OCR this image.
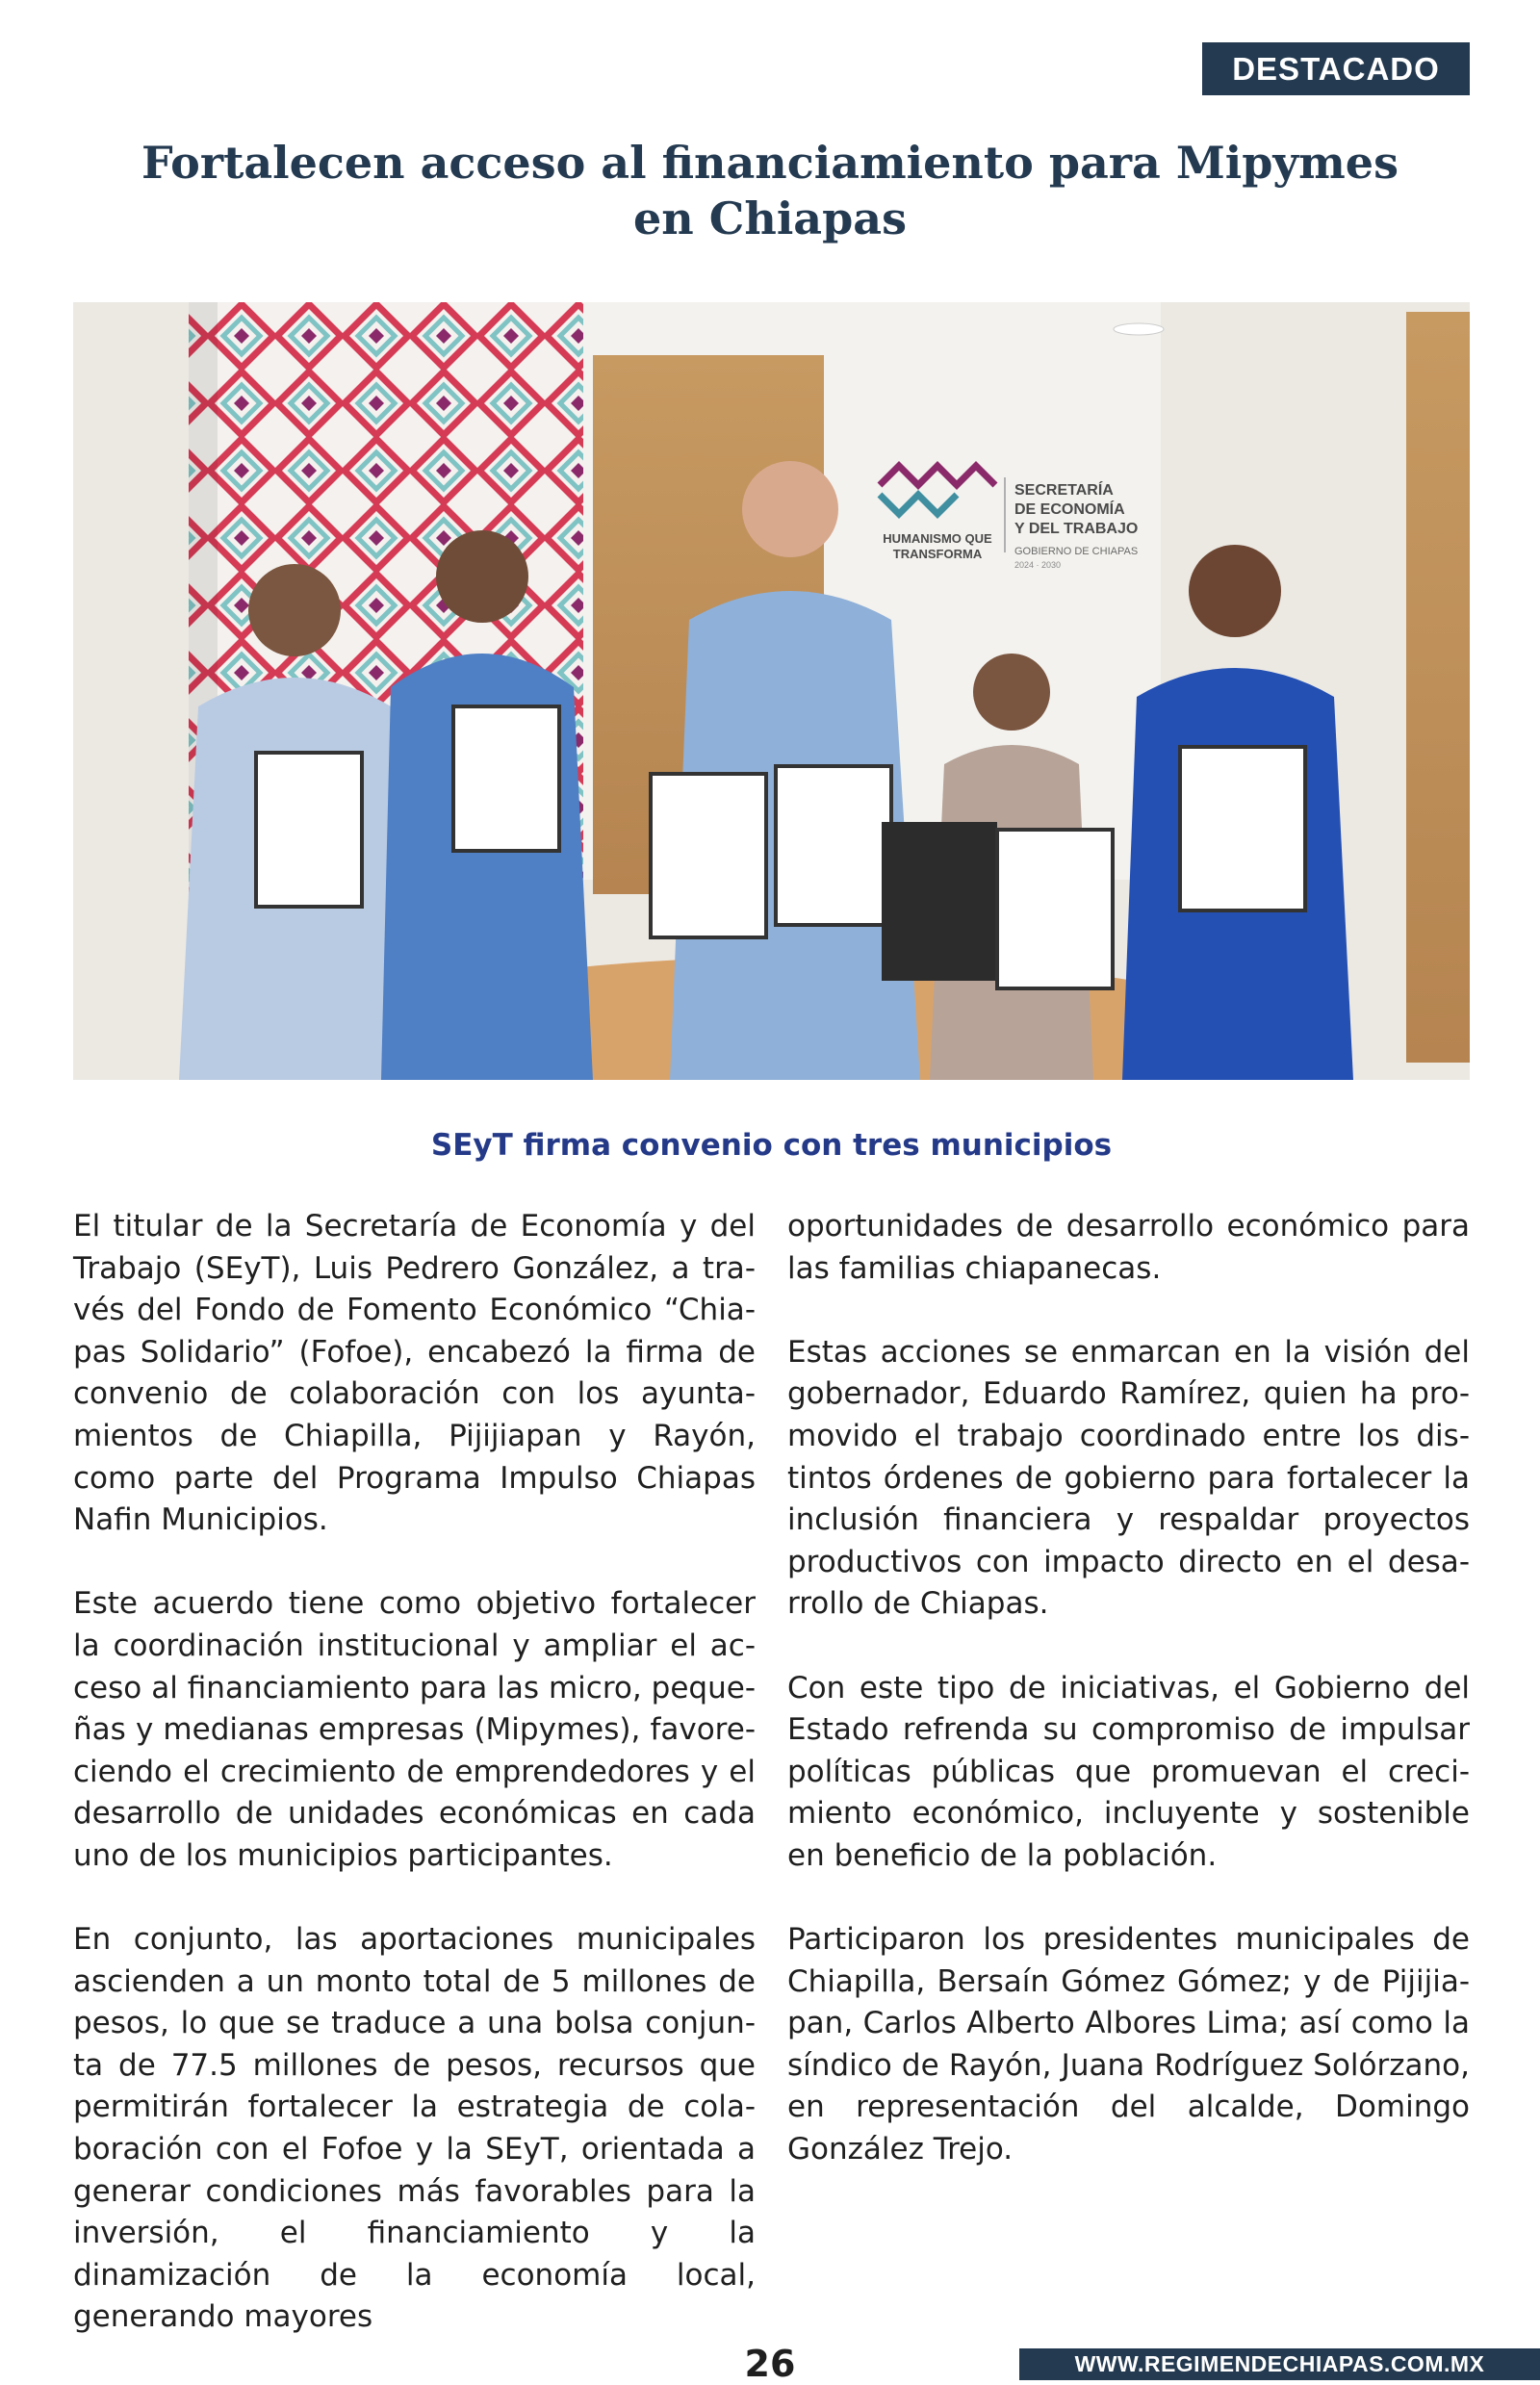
DESTACADO
Fortalecen acceso al financiamiento para Mipymes en Chiapas
HUMANISMO QUE
TRANSFORMA
SECRETARÍA
DE ECONOMÍA
Y DEL TRABAJO
GOBIERNO DE CHIAPAS
2024 · 2030

SEyT firma convenio con tres municipios

El titular de la Secretaría de Economía y del Trabajo (SEyT), Luis Pedrero González, a través del Fondo de Fomento Económico “Chiapas Solidario” (Fofoe), encabezó la firma de convenio de colaboración con los ayuntamientos de Chiapilla, Pijijiapan y Rayón, como parte del Programa Impulso Chiapas Nafin Municipios.

Este acuerdo tiene como objetivo fortalecer la coordinación institucional y ampliar el acceso al financiamiento para las micro, pequeñas y medianas empresas (Mipymes), favoreciendo el crecimiento de emprendedores y el desarrollo de unidades económicas en cada uno de los municipios participantes.

En conjunto, las aportaciones municipales ascienden a un monto total de 5 millones de pesos, lo que se traduce a una bolsa conjunta de 77.5 millones de pesos, recursos que permitirán fortalecer la estrategia de colaboración con el Fofoe y la SEyT, orientada a generar condiciones más favorables para la inversión, el financiamiento y la dinamización de la economía local, generando mayores

oportunidades de desarrollo económico para las familias chiapanecas.

Estas acciones se enmarcan en la visión del gobernador, Eduardo Ramírez, quien ha promovido el trabajo coordinado entre los distintos órdenes de gobierno para fortalecer la inclusión financiera y respaldar proyectos productivos con impacto directo en el desarrollo de Chiapas.

Con este tipo de iniciativas, el Gobierno del Estado refrenda su compromiso de impulsar políticas públicas que promuevan el crecimiento económico, incluyente y sostenible en beneficio de la población.

Participaron los presidentes municipales de Chiapilla, Bersaín Gómez Gómez; y de Pijijiapan, Carlos Alberto Albores Lima; así como la síndico de Rayón, Juana Rodríguez Solórzano, en representación del alcalde, Domingo González Trejo.

26	WWW.REGIMENDECHIAPAS.COM.MX
